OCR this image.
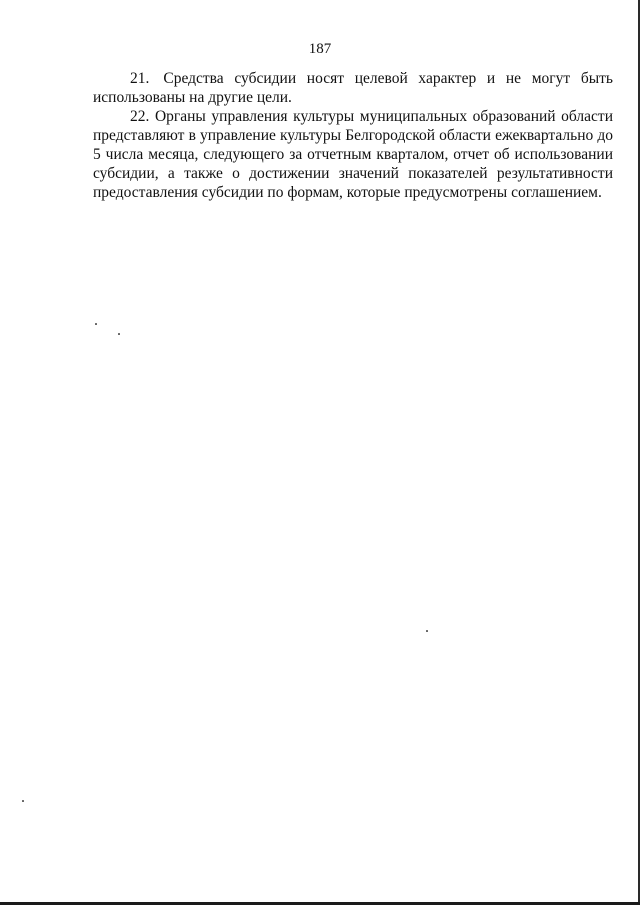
187

21. Средства субсидии носят целевой характер и не могут быть использованы на другие цели.

22. Органы управления культуры муниципальных образований области представляют в управление культуры Белгородской области ежеквартально до 5 числа месяца, следующего за отчетным кварталом, отчет об использовании субсидии, а также о достижении значений показателей результативности предоставления субсидии по формам, которые предусмотрены соглашением.
